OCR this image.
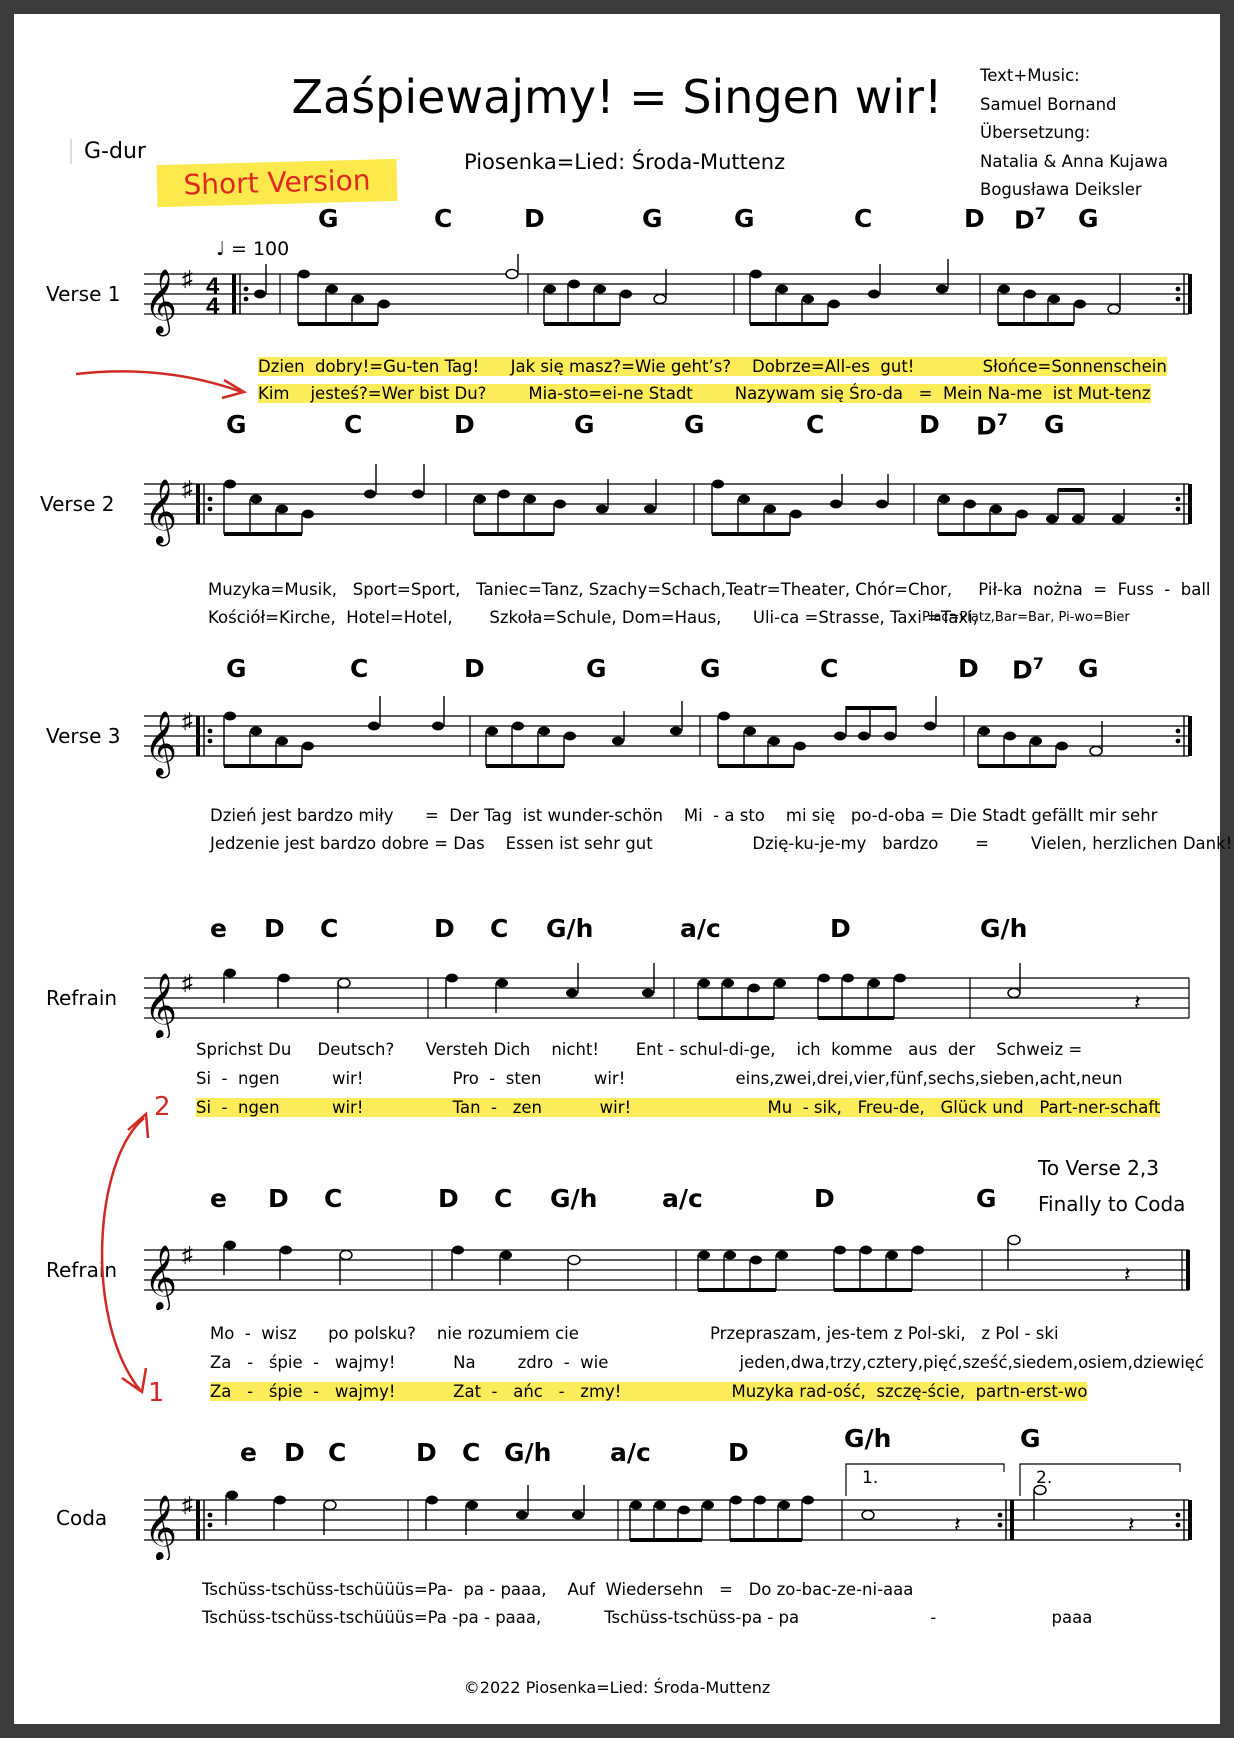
Zaśpiewajmy! = Singen wir!
Piosenka=Lied: Środa-Muttenz
G-dur
Short Version
Text+Music:
Samuel Bornand
Übersetzung:
Natalia & Anna Kujawa
Bogusława Deiksler
♩ = 100
G	C	D	G	G	C	D $D^7$ G
Verse 1 𝄞 ♯ 4
4
Dzien  dobry!=Gu-ten Tag!      Jak się masz?=Wie geht’s?    Dobrze=All-es  gut!             Słońce=Sonnenschein
Kim    jesteś?=Wer bist Du?        Mia-sto=ei-ne Stadt        Nazywam się Śro-da   =  Mein Na-me  ist Mut-tenz
G	C	D	G	G	C	D $D^7$ G
Verse 2 𝄞 ♯
Muzyka=Musik,   Sport=Sport,   Taniec=Tanz, Szachy=Schach,Teatr=Theater, Chór=Chor,     Pił-ka  nożna  =  Fuss  -  ball
Kościół=Kirche,  Hotel=Hotel,       Szkoła=Schule, Dom=Haus,      Uli-ca =Strasse, Taxi =Taxi,
Plac=Platz,Bar=Bar, Pi-wo=Bier
G	C	D	G	G	C	D $D^7$ G
Verse 3 𝄞 ♯
Dzień jest bardzo miły      =  Der Tag  ist wunder-schön    Mi  - a sto    mi się   po-d-oba = Die Stadt gefällt mir sehr
Jedzenie jest bardzo dobre = Das    Essen ist sehr gut                   Dzię-ku-je-my   bardzo       =        Vielen, herzlichen Dank!
e D C	D C G/h	a/c	D	G/h
Refrain 𝄞 ♯
𝄽
Sprichst Du     Deutsch?      Versteh Dich    nicht!       Ent - schul-di-ge,    ich  komme   aus  der    Schweiz =
Si  -  ngen          wir!                 Pro  -  sten          wir!                     eins,zwei,drei,vier,fünf,sechs,sieben,acht,neun
Si  -  ngen          wir!                 Tan  -   zen           wir!                          Mu  - sik,   Freu-de,   Glück und   Part-ner-schaft
2
To Verse 2,3
Finally to Coda
e D C	D C G/h	a/c	D	G
Refrain 𝄞 ♯
𝄽
Mo  -  wisz      po polsku?    nie rozumiem cie                         Przepraszam, jes-tem z Pol-ski,   z Pol - ski
Za   -   śpie  -   wajmy!           Na        zdro  -  wie                         jeden,dwa,trzy,cztery,pięć,sześć,siedem,osiem,dziewięć
Za   -   śpie  -   wajmy!           Zat  -   ańc   -   zmy!                     Muzyka rad-ość,  szczę-ście,  partn-erst-wo
1
G/h	G
e D C	D C G/h a/c	D
Coda 𝄞 ♯
𝄽	𝄽
1.	2.
Tschüss-tschüss-tschüüüs=Pa-  pa - paaa,    Auf  Wiedersehn   =   Do zo-bac-ze-ni-aaa
Tschüss-tschüss-tschüüüs=Pa -pa - paaa,            Tschüss-tschüss-pa - pa                         -                      paaa
©2022 Piosenka=Lied: Środa-Muttenz
